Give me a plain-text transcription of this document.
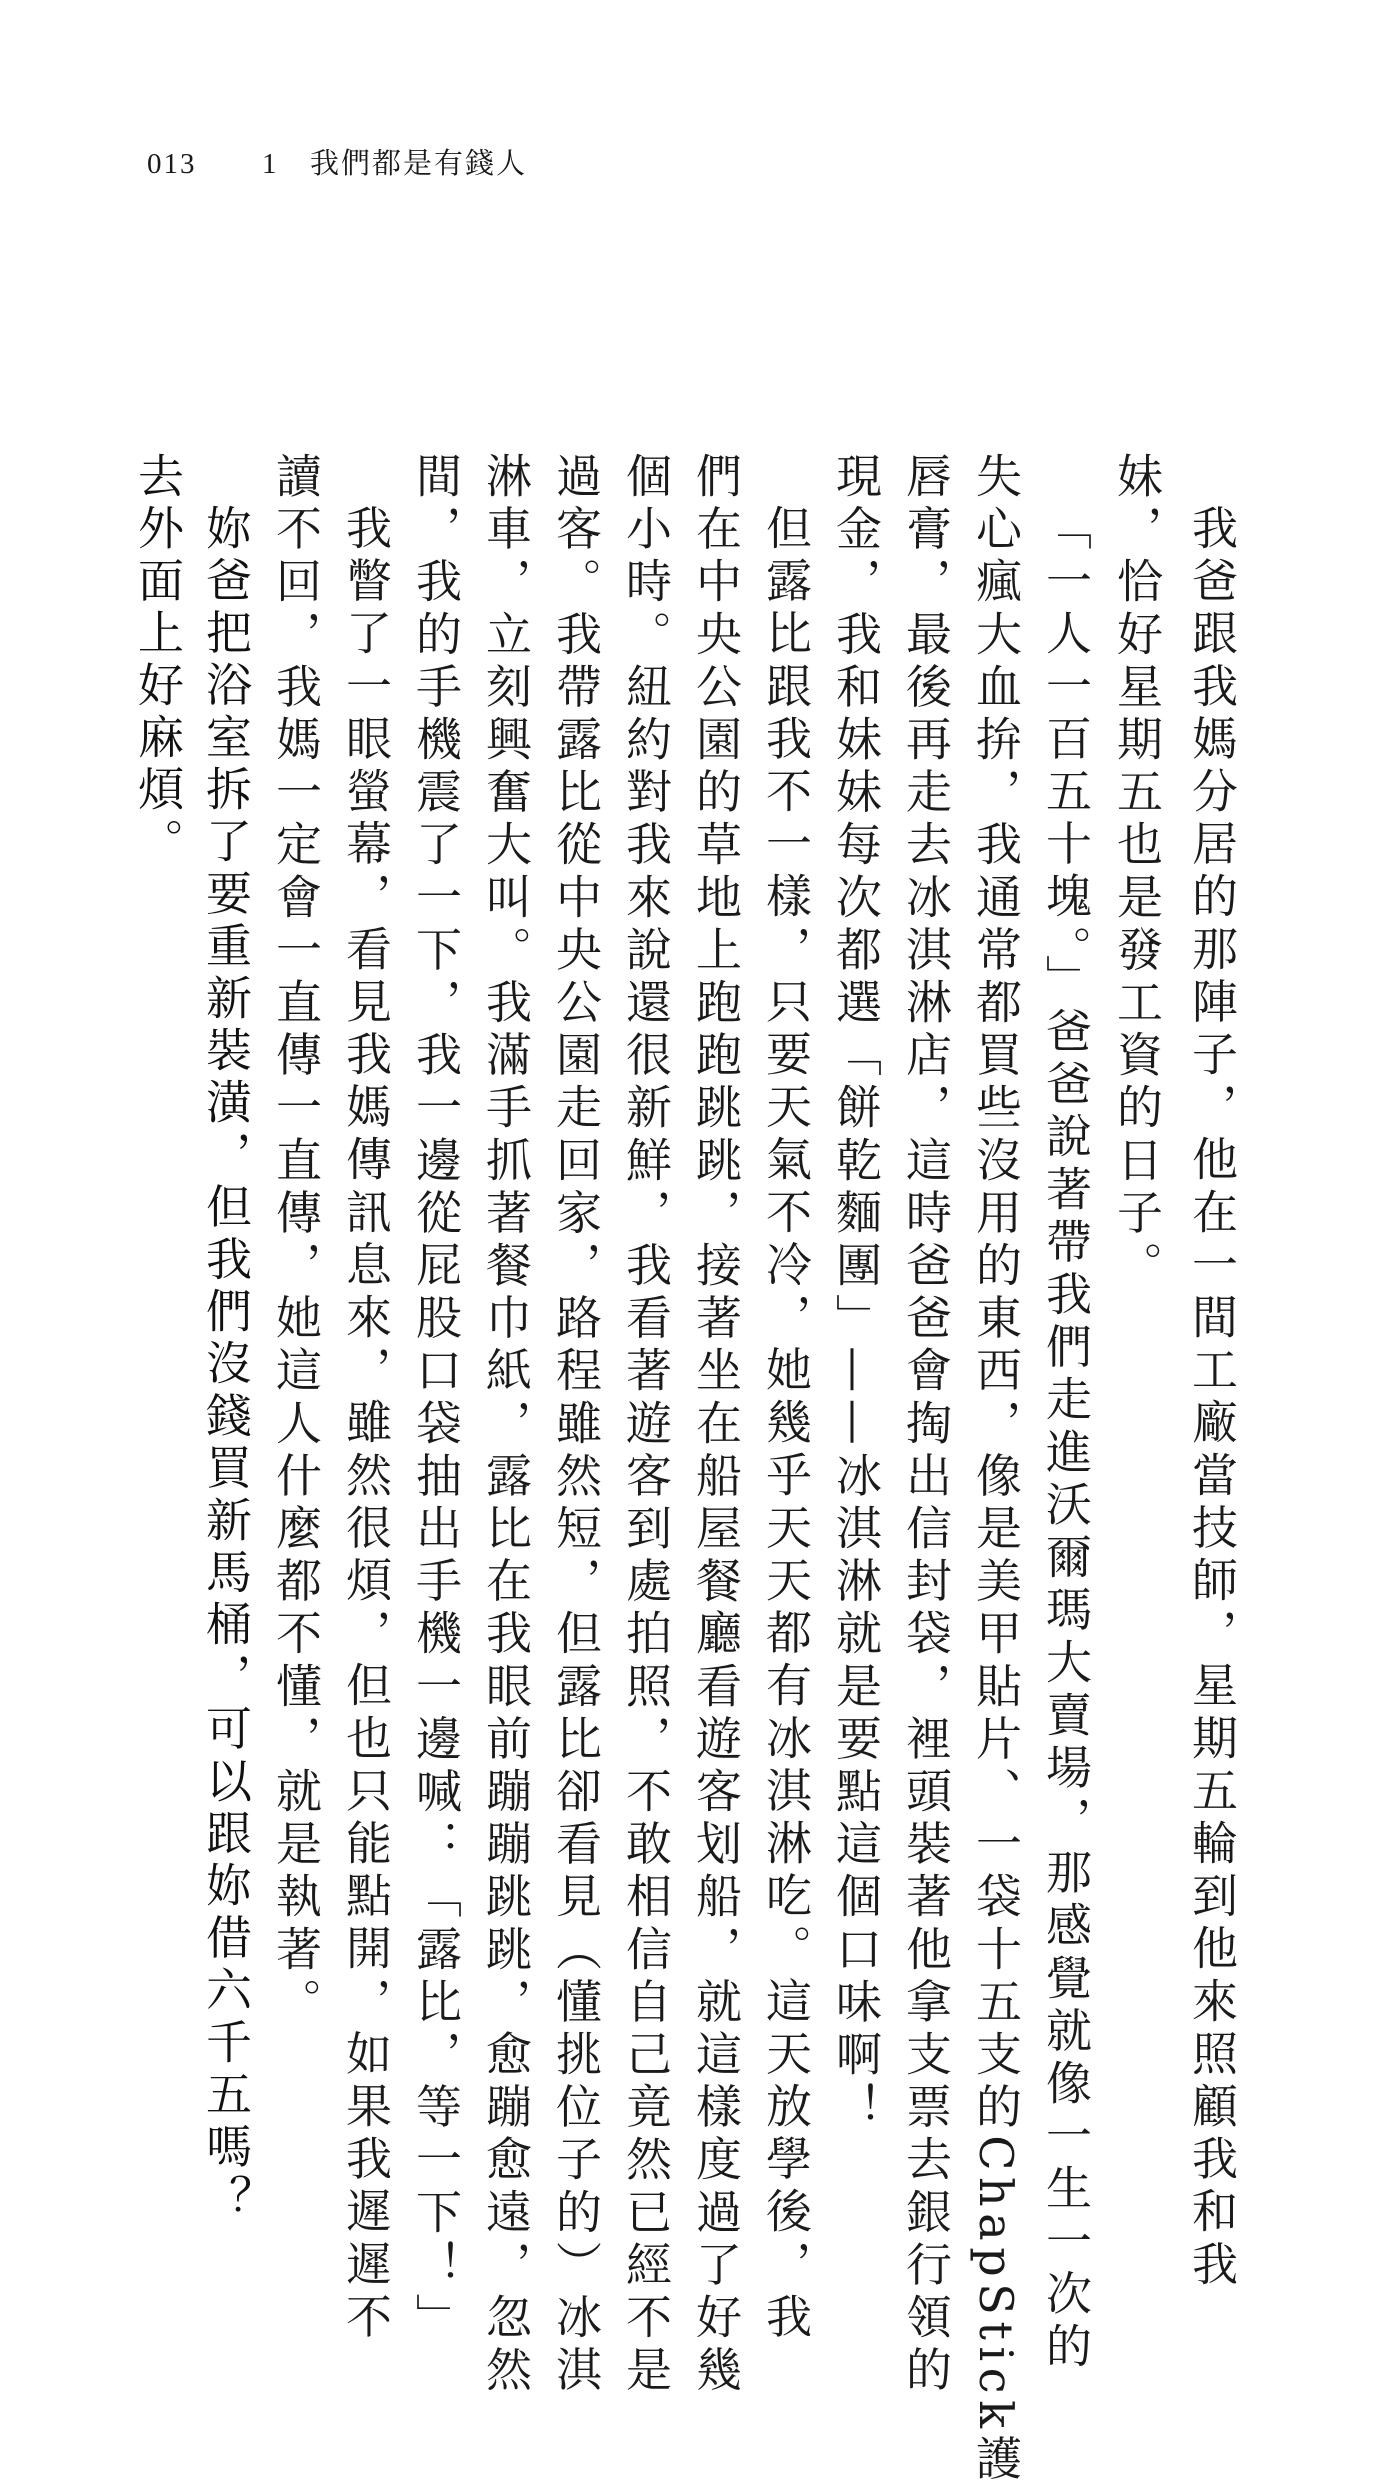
013 1 我們都是有錢人
我爸跟我媽分居的那陣子，他在一間工廠當技師，星期五輪到他來照顧我和我
妹，恰好星期五也是發工資的日子。
「一人一百五十塊。」爸爸說著帶我們走進沃爾瑪大賣場，那感覺就像一生一次的
失心瘋大血拚，我通常都買些沒用的東西，像是美甲貼片、一袋十五支的ChapStick護
唇膏，最後再走去冰淇淋店，這時爸爸會掏出信封袋，裡頭裝著他拿支票去銀行領的
現金，我和妹妹每次都選「餅乾麵團」——冰淇淋就是要點這個口味啊！
但露比跟我不一樣，只要天氣不冷，她幾乎天天都有冰淇淋吃。這天放學後，我
們在中央公園的草地上跑跑跳跳，接著坐在船屋餐廳看遊客划船，就這樣度過了好幾
個小時。紐約對我來說還很新鮮，我看著遊客到處拍照，不敢相信自己竟然已經不是
過客。我帶露比從中央公園走回家，路程雖然短，但露比卻看見（懂挑位子的）冰淇
淋車，立刻興奮大叫。我滿手抓著餐巾紙，露比在我眼前蹦蹦跳跳，愈蹦愈遠，忽然
間，我的手機震了一下，我一邊從屁股口袋抽出手機一邊喊：「露比，等一下！」
我瞥了一眼螢幕，看見我媽傳訊息來，雖然很煩，但也只能點開，如果我遲遲不
讀不回，我媽一定會一直傳一直傳，她這人什麼都不懂，就是執著。
妳爸把浴室拆了要重新裝潢，但我們沒錢買新馬桶，可以跟妳借六千五嗎？
去外面上好麻煩。
